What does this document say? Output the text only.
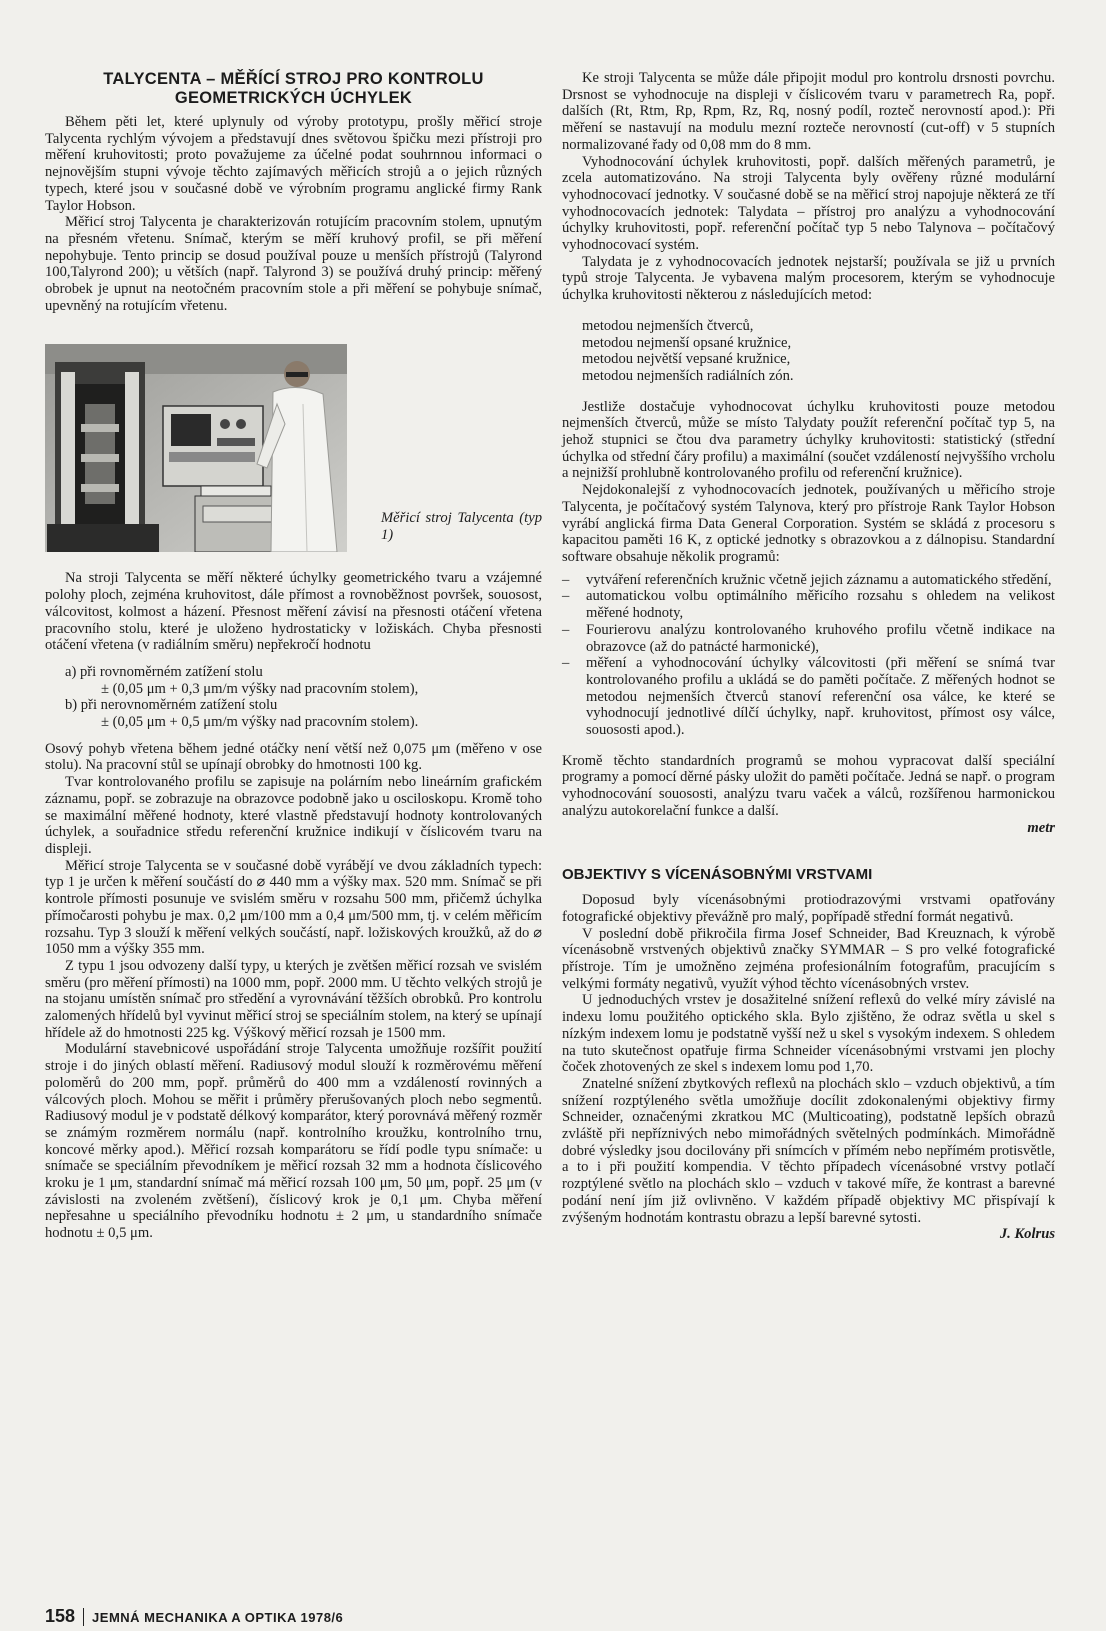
TALYCENTA – MĚŘÍCÍ STROJ PRO KONTROLU
GEOMETRICKÝCH ÚCHYLEK

Během pěti let, které uplynuly od výroby prototypu, prošly měřicí stroje Talycenta rychlým vývojem a představují dnes světovou špičku mezi přístroji pro měření kruhovitosti; proto považujeme za účelné podat souhrnnou informaci o nejnovějším stupni vývoje těchto zajímavých měřicích strojů a o jejich různých typech, které jsou v současné době ve výrobním programu anglické firmy Rank Taylor Hobson.

Měřicí stroj Talycenta je charakterizován rotujícím pracovním stolem, upnutým na přesném vřetenu. Snímač, kterým se měří kruhový profil, se při měření nepohybuje. Tento princip se dosud používal pouze u menších přístrojů (Talyrond 100,Talyrond 200); u větších (např. Talyrond 3) se používá druhý princip: měřený obrobek je upnut na neotočném pracovním stole a při měření se pohybuje snímač, upevněný na rotujícím vřetenu.

Měřicí stroj Talycenta (typ 1)

Na stroji Talycenta se měří některé úchylky geometrického tvaru a vzájemné polohy ploch, zejména kruhovitost, dále přímost a rovnoběžnost površek, souosost, válcovitost, kolmost a házení. Přesnost měření závisí na přesnosti otáčení vřetena pracovního stolu, které je uloženo hydrostaticky v ložiskách. Chyba přesnosti otáčení vřetena (v radiálním směru) nepřekročí hodnotu

a) při rovnoměrném zatížení stolu
± (0,05 μm + 0,3 μm/m výšky nad pracovním stolem),
b) při nerovnoměrném zatížení stolu
± (0,05 μm + 0,5 μm/m výšky nad pracovním stolem).

Osový pohyb vřetena během jedné otáčky není větší než 0,075 μm (měřeno v ose stolu). Na pracovní stůl se upínají obrobky do hmotnosti 100 kg.

Tvar kontrolovaného profilu se zapisuje na polárním nebo lineárním grafickém záznamu, popř. se zobrazuje na obrazovce podobně jako u osciloskopu. Kromě toho se maximální měřené hodnoty, které vlastně představují hodnoty kontrolovaných úchylek, a souřadnice středu referenční kružnice indikují v číslicovém tvaru na displeji.

Měřicí stroje Talycenta se v současné době vyrábějí ve dvou základních typech: typ 1 je určen k měření součástí do ⌀ 440 mm a výšky max. 520 mm. Snímač se při kontrole přímosti posunuje ve svislém směru v rozsahu 500 mm, přičemž úchylka přímočarosti pohybu je max. 0,2 μm/100 mm a 0,4 μm/500 mm, tj. v celém měřicím rozsahu. Typ 3 slouží k měření velkých součástí, např. ložiskových kroužků, až do ⌀ 1050 mm a výšky 355 mm.

Z typu 1 jsou odvozeny další typy, u kterých je zvětšen měřicí rozsah ve svislém směru (pro měření přímosti) na 1000 mm, popř. 2000 mm. U těchto velkých strojů je na stojanu umístěn snímač pro středění a vyrovnávání těžších obrobků. Pro kontrolu zalomených hřídelů byl vyvinut měřicí stroj se speciálním stolem, na který se upínají hřídele až do hmotnosti 225 kg. Výškový měřicí rozsah je 1500 mm.

Modulární stavebnicové uspořádání stroje Talycenta umožňuje rozšířit použití stroje i do jiných oblastí měření. Radiusový modul slouží k rozměrovému měření poloměrů do 200 mm, popř. průměrů do 400 mm a vzdáleností rovinných a válcových ploch. Mohou se měřit i průměry přerušovaných ploch nebo segmentů. Radiusový modul je v podstatě délkový komparátor, který porovnává měřený rozměr se známým rozměrem normálu (např. kontrolního kroužku, kontrolního trnu, koncové měrky apod.). Měřicí rozsah komparátoru se řídí podle typu snímače: u snímače se speciálním převodníkem je měřicí rozsah 32 mm a hodnota číslicového kroku je 1 μm, standardní snímač má měřicí rozsah 100 μm, 50 μm, popř. 25 μm (v závislosti na zvoleném zvětšení), číslicový krok je 0,1 μm. Chyba měření nepřesahne u speciálního převodníku hodnotu ± 2 μm, u standardního snímače hodnotu ± 0,5 μm.

Ke stroji Talycenta se může dále připojit modul pro kontrolu drsnosti povrchu. Drsnost se vyhodnocuje na displeji v číslicovém tvaru v parametrech Ra, popř. dalších (Rt, Rtm, Rp, Rpm, Rz, Rq, nosný podíl, rozteč nerovností apod.): Při měření se nastavují na modulu mezní rozteče nerovností (cut-off) v 5 stupních normalizované řady od 0,08 mm do 8 mm.

Vyhodnocování úchylek kruhovitosti, popř. dalších měřených parametrů, je zcela automatizováno. Na stroji Talycenta byly ověřeny různé modulární vyhodnocovací jednotky. V současné době se na měřicí stroj napojuje některá ze tří vyhodnocovacích jednotek: Talydata – přístroj pro analýzu a vyhodnocování úchylky kruhovitosti, popř. referenční počítač typ 5 nebo Talynova – počítačový vyhodnocovací systém.

Talydata je z vyhodnocovacích jednotek nejstarší; používala se již u prvních typů stroje Talycenta. Je vybavena malým procesorem, kterým se vyhodnocuje úchylka kruhovitosti některou z následujících metod:

metodou nejmenších čtverců,
metodou nejmenší opsané kružnice,
metodou největší vepsané kružnice,
metodou nejmenších radiálních zón.

Jestliže dostačuje vyhodnocovat úchylku kruhovitosti pouze metodou nejmenších čtverců, může se místo Talydaty použít referenční počítač typ 5, na jehož stupnici se čtou dva parametry úchylky kruhovitosti: statistický (střední úchylka od střední čáry profilu) a maximální (součet vzdáleností nejvyššího vrcholu a nejnižší prohlubně kontrolovaného profilu od referenční kružnice).

Nejdokonalejší z vyhodnocovacích jednotek, používaných u měřicího stroje Talycenta, je počítačový systém Talynova, který pro přístroje Rank Taylor Hobson vyrábí anglická firma Data General Corporation. Systém se skládá z procesoru s kapacitou paměti 16 K, z optické jednotky s obrazovkou a z dálnopisu. Standardní software obsahuje několik programů:

– vytváření referenčních kružnic včetně jejich záznamu a automatického středění,
– automatickou volbu optimálního měřicího rozsahu s ohledem na velikost měřené hodnoty,
– Fourierovu analýzu kontrolovaného kruhového profilu včetně indikace na obrazovce (až do patnácté harmonické),
– měření a vyhodnocování úchylky válcovitosti (při měření se snímá tvar kontrolovaného profilu a ukládá se do paměti počítače. Z měřených hodnot se metodou nejmenších čtverců stanoví referenční osa válce, ke které se vyhodnocují jednotlivé dílčí úchylky, např. kruhovitost, přímost osy válce, souososti apod.).

Kromě těchto standardních programů se mohou vypracovat další speciální programy a pomocí děrné pásky uložit do paměti počítače. Jedná se např. o program vyhodnocování souososti, analýzu tvaru vaček a válců, rozšířenou harmonickou analýzu autokorelační funkce a další.

metr
OBJEKTIVY S VÍCENÁSOBNÝMI VRSTVAMI

Doposud byly vícenásobnými protiodrazovými vrstvami opatřovány fotografické objektivy převážně pro malý, popřípadě střední formát negativů.

V poslední době přikročila firma Josef Schneider, Bad Kreuznach, k výrobě vícenásobně vrstvených objektivů značky SYMMAR – S pro velké fotografické přístroje. Tím je umožněno zejména profesionálním fotografům, pracujícím s velkými formáty negativů, využít výhod těchto vícenásobných vrstev.

U jednoduchých vrstev je dosažitelné snížení reflexů do velké míry závislé na indexu lomu použitého optického skla. Bylo zjištěno, že odraz světla u skel s nízkým indexem lomu je podstatně vyšší než u skel s vysokým indexem. S ohledem na tuto skutečnost opatřuje firma Schneider vícenásobnými vrstvami jen plochy čoček zhotovených ze skel s indexem lomu pod 1,70.

Znatelné snížení zbytkových reflexů na plochách sklo – vzduch objektivů, a tím snížení rozptýleného světla umožňuje docílit zdokonalenými objektivy firmy Schneider, označenými zkratkou MC (Multicoating), podstatně lepších obrazů zvláště při nepříznivých nebo mimořádných světelných podmínkách. Mimořádně dobré výsledky jsou docilovány při snímcích v přímém nebo nepřímém protisvětle, a to i při použití kompendia. V těchto případech vícenásobné vrstvy potlačí rozptýlené světlo na plochách sklo – vzduch v takové míře, že kontrast a barevné podání není jím již ovlivněno. V každém případě objektivy MC přispívají k zvýšeným hodnotám kontrastu obrazu a lepší barevné sytosti.

J. Kolrus
158 JEMNÁ MECHANIKA A OPTIKA 1978/6
